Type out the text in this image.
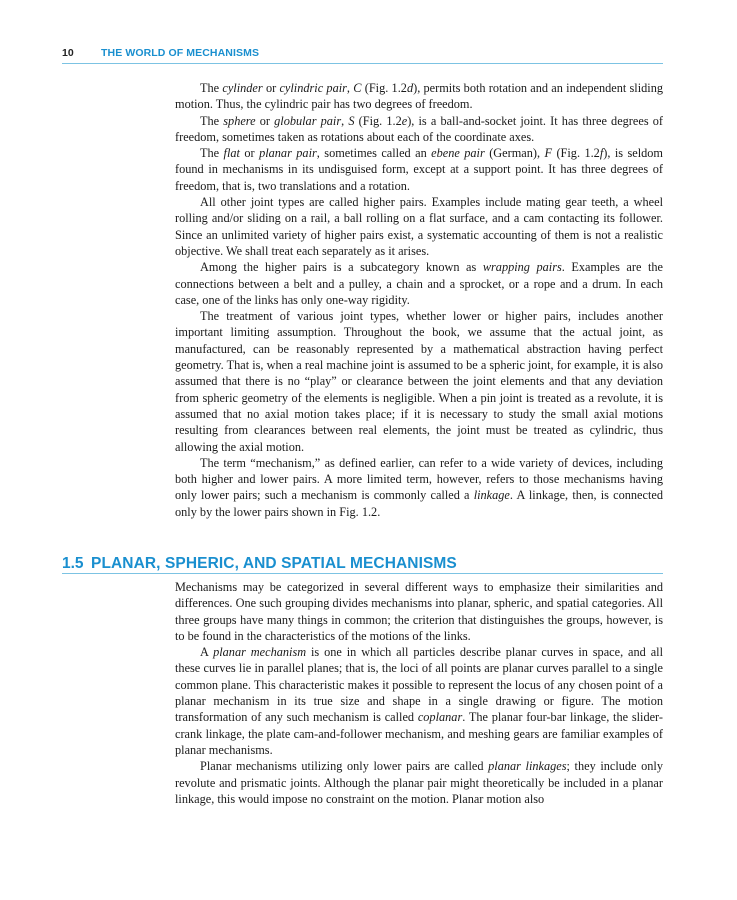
10	THE WORLD OF MECHANISMS

The cylinder or cylindric pair, C (Fig. 1.2d), permits both rotation and an independent sliding motion. Thus, the cylindric pair has two degrees of freedom.

The sphere or globular pair, S (Fig. 1.2e), is a ball-and-socket joint. It has three degrees of freedom, sometimes taken as rotations about each of the coordinate axes.

The flat or planar pair, sometimes called an ebene pair (German), F (Fig. 1.2f), is seldom found in mechanisms in its undisguised form, except at a support point. It has three degrees of freedom, that is, two translations and a rotation.

All other joint types are called higher pairs. Examples include mating gear teeth, a wheel rolling and/or sliding on a rail, a ball rolling on a flat surface, and a cam contacting its follower. Since an unlimited variety of higher pairs exist, a systematic accounting of them is not a realistic objective. We shall treat each separately as it arises.

Among the higher pairs is a subcategory known as wrapping pairs. Examples are the connections between a belt and a pulley, a chain and a sprocket, or a rope and a drum. In each case, one of the links has only one-way rigidity.

The treatment of various joint types, whether lower or higher pairs, includes another important limiting assumption. Throughout the book, we assume that the actual joint, as manufactured, can be reasonably represented by a mathematical abstraction having perfect geometry. That is, when a real machine joint is assumed to be a spheric joint, for example, it is also assumed that there is no “play” or clearance between the joint elements and that any deviation from spheric geometry of the elements is negligible. When a pin joint is treated as a revolute, it is assumed that no axial motion takes place; if it is necessary to study the small axial motions resulting from clearances between real elements, the joint must be treated as cylindric, thus allowing the axial motion.

The term “mechanism,” as defined earlier, can refer to a wide variety of devices, including both higher and lower pairs. A more limited term, however, refers to those mechanisms having only lower pairs; such a mechanism is commonly called a linkage. A linkage, then, is connected only by the lower pairs shown in Fig. 1.2.

1.5 PLANAR, SPHERIC, AND SPATIAL MECHANISMS

Mechanisms may be categorized in several different ways to emphasize their similarities and differences. One such grouping divides mechanisms into planar, spheric, and spatial categories. All three groups have many things in common; the criterion that distinguishes the groups, however, is to be found in the characteristics of the motions of the links.

A planar mechanism is one in which all particles describe planar curves in space, and all these curves lie in parallel planes; that is, the loci of all points are planar curves parallel to a single common plane. This characteristic makes it possible to represent the locus of any chosen point of a planar mechanism in its true size and shape in a single drawing or figure. The motion transformation of any such mechanism is called coplanar. The planar four-bar linkage, the slider-crank linkage, the plate cam-and-follower mechanism, and meshing gears are familiar examples of planar mechanisms.

Planar mechanisms utilizing only lower pairs are called planar linkages; they include only revolute and prismatic joints. Although the planar pair might theoretically be included in a planar linkage, this would impose no constraint on the motion. Planar motion also
